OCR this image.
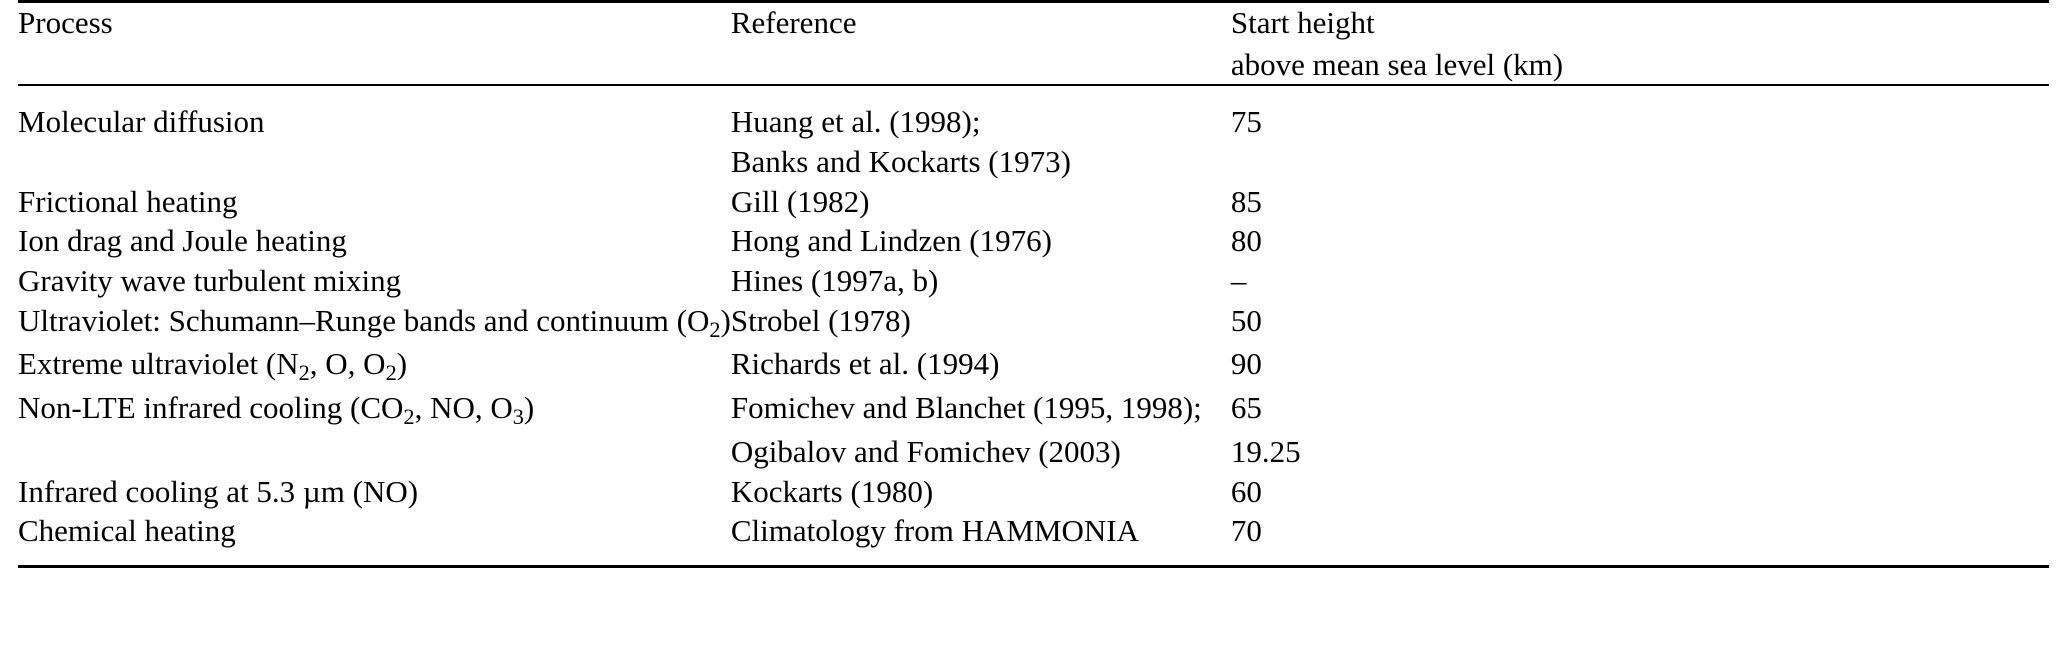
Process	Reference	Start height
above mean sea level (km)

Molecular diffusion	Huang et al. (1998);	75
	Banks and Kockarts (1973)	
Frictional heating	Gill (1982)	85
Ion drag and Joule heating	Hong and Lindzen (1976)	80
Gravity wave turbulent mixing	Hines (1997a, b)	–
Ultraviolet: Schumann–Runge bands and continuum $(O_2)$	Strobel (1978)	50
Extreme ultraviolet ($N_2$, O, $O_2$)	Richards et al. (1994)	90
Non-LTE infrared cooling ($CO_2$, NO, $O_3$)	Fomichev and Blanchet (1995, 1998);	65
	Ogibalov and Fomichev (2003)	19.25
Infrared cooling at 5.3 µm (NO)	Kockarts (1980)	60
Chemical heating	Climatology from HAMMONIA	70
